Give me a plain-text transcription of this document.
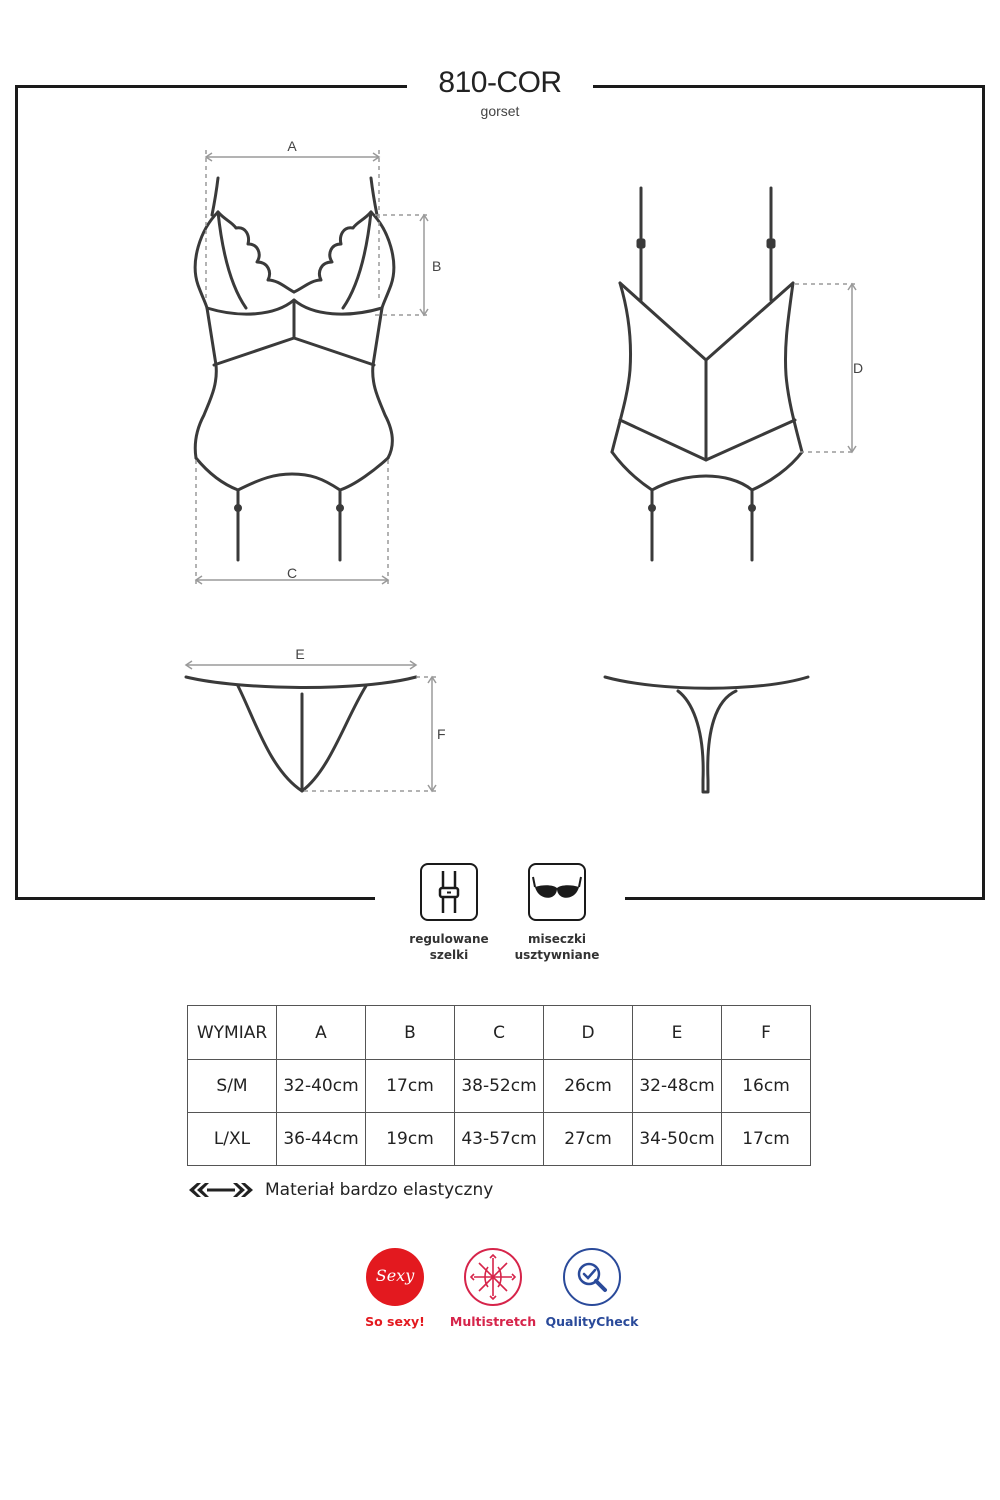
810-COR
gorset
A
B
C
D
E
F
regulowane
szelki
miseczki
usztywniane
WYMIAR	A	B	C	D	E	F
S/M	32-40cm	17cm	38-52cm	26cm	32-48cm	16cm
L/XL	36-44cm	19cm	43-57cm	27cm	34-50cm	17cm
Materiał bardzo elastyczny
Sexy
So sexy!	Multistretch QualityCheck
